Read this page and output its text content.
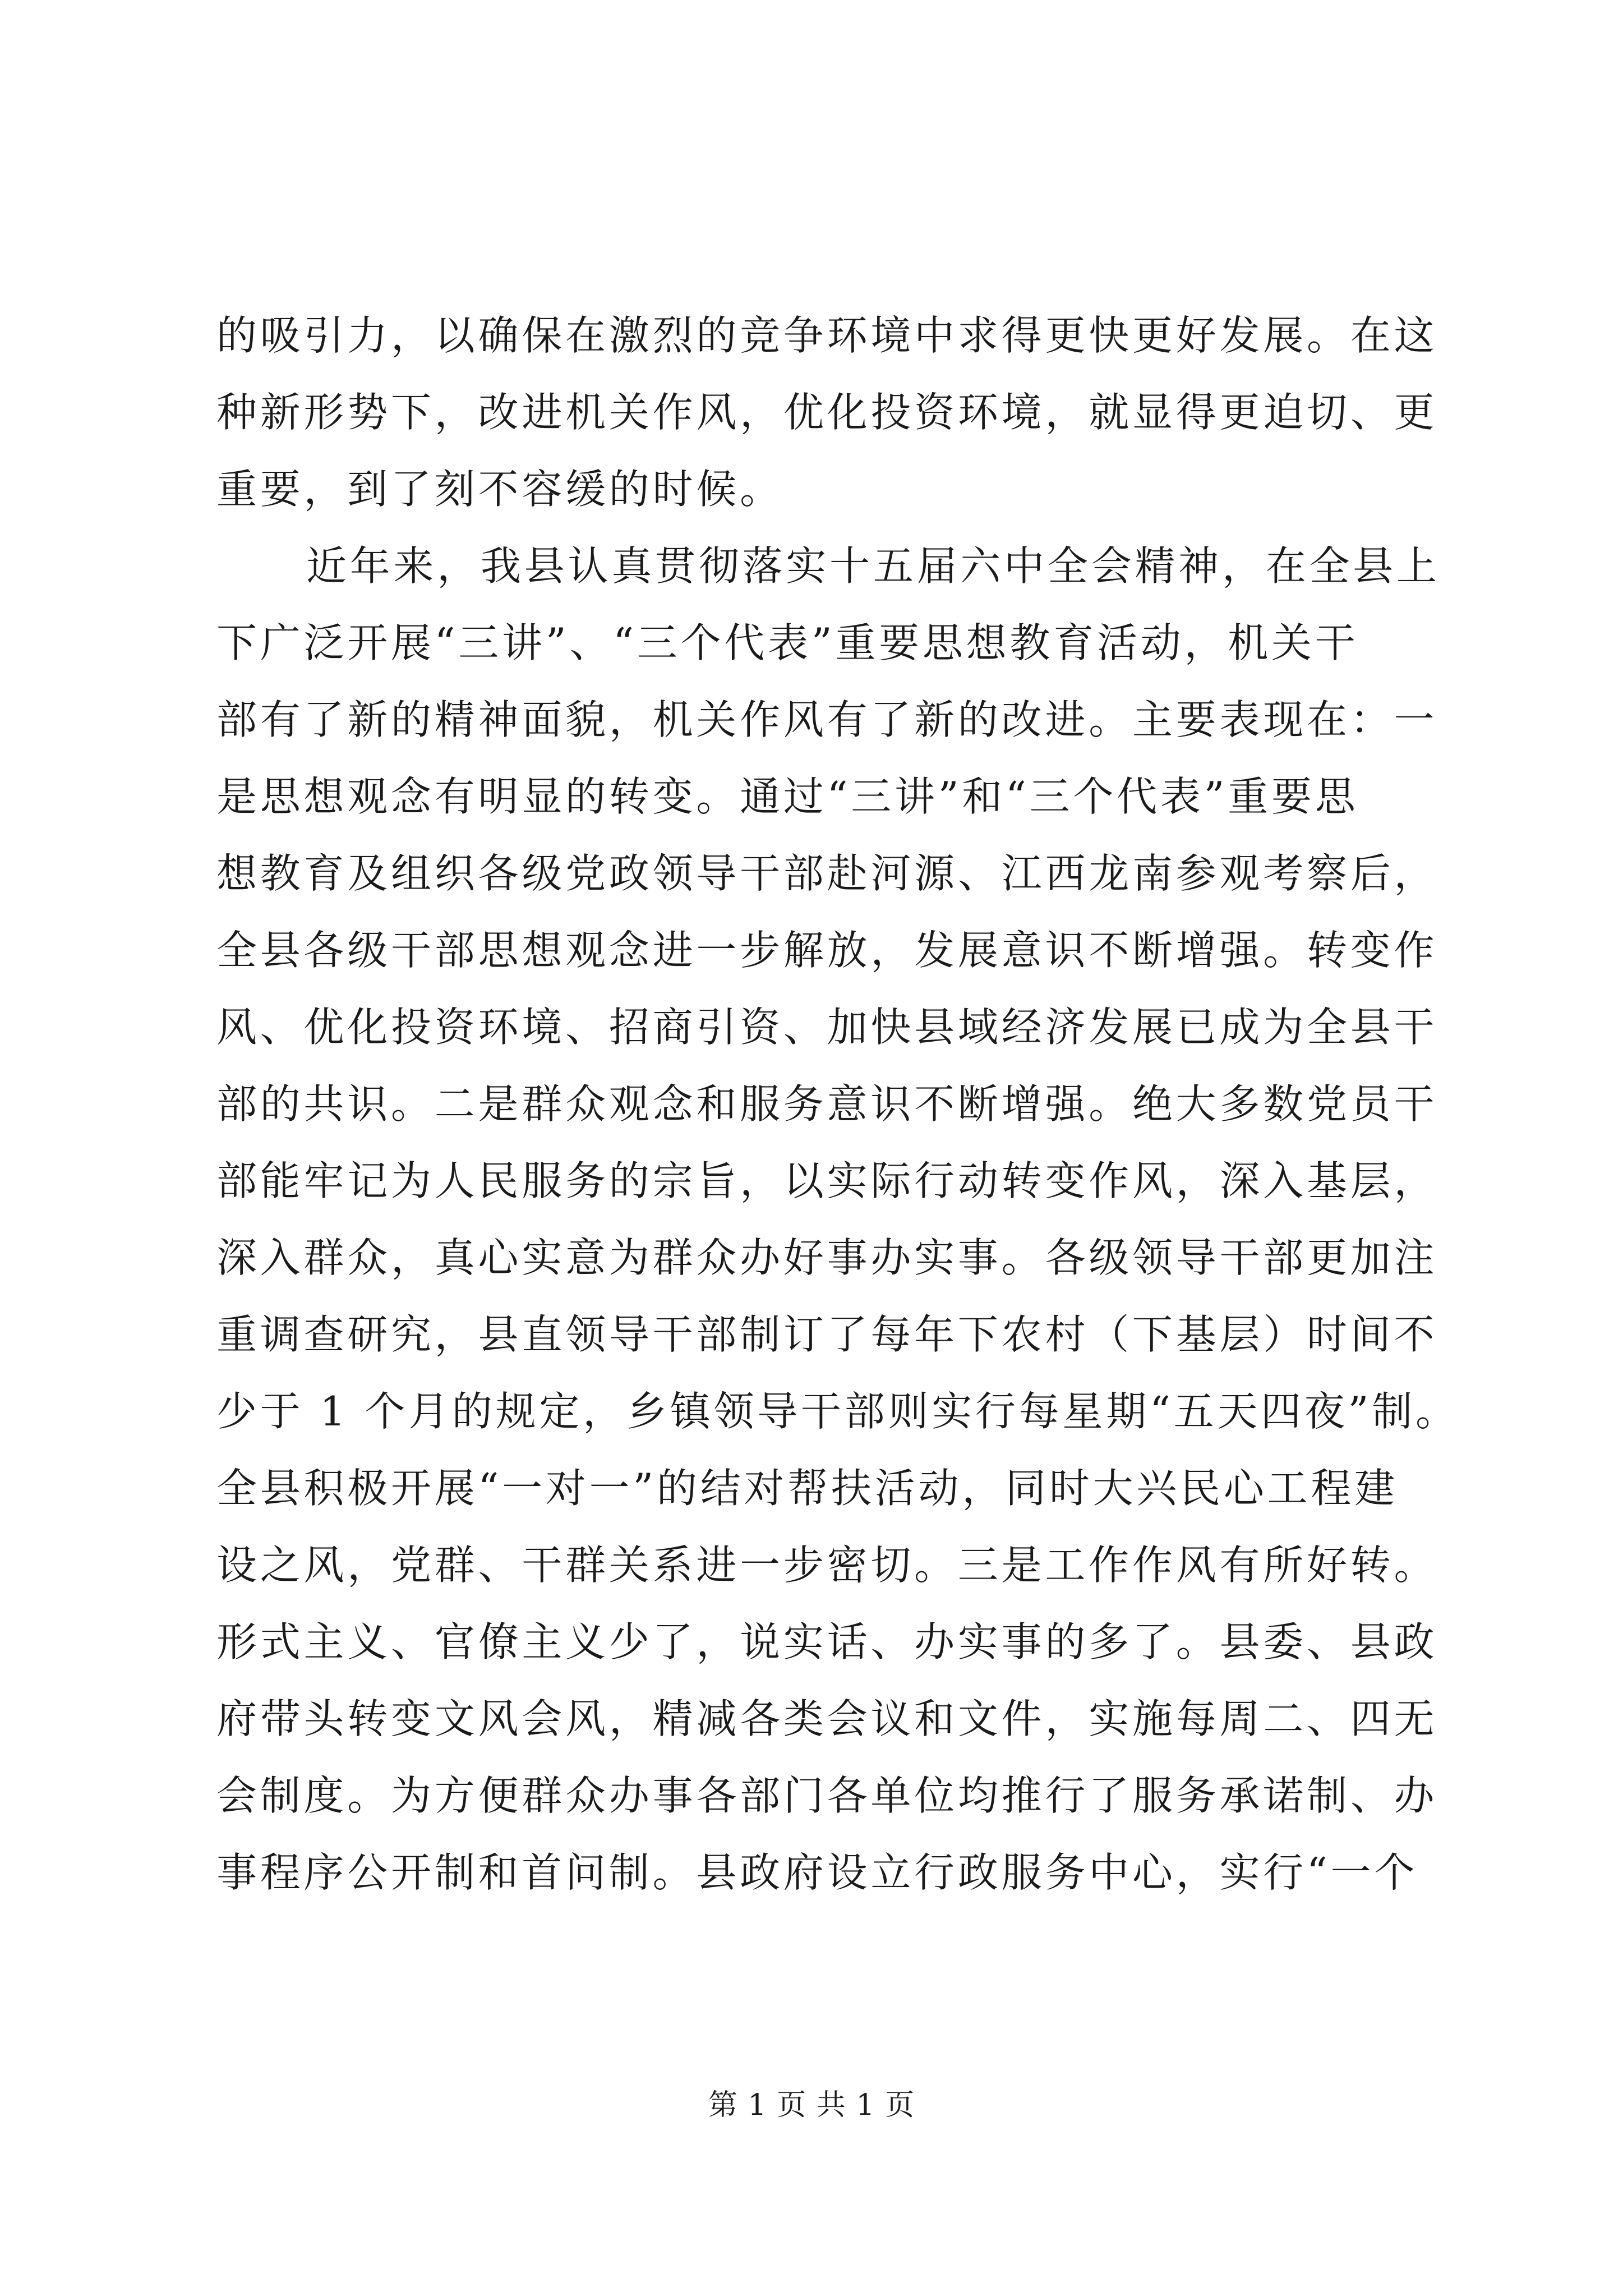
的吸引力，以确保在激烈的竞争环境中求得更快更好发展。在这
种新形势下，改进机关作风，优化投资环境，就显得更迫切、更
重要，到了刻不容缓的时候。
近年来，我县认真贯彻落实十五届六中全会精神，在全县上
下广泛开展“三讲”、“三个代表”重要思想教育活动，机关干
部有了新的精神面貌，机关作风有了新的改进。主要表现在：一
是思想观念有明显的转变。通过“三讲”和“三个代表”重要思
想教育及组织各级党政领导干部赴河源、江西龙南参观考察后，
全县各级干部思想观念进一步解放，发展意识不断增强。转变作
风、优化投资环境、招商引资、加快县域经济发展已成为全县干
部的共识。二是群众观念和服务意识不断增强。绝大多数党员干
部能牢记为人民服务的宗旨，以实际行动转变作风，深入基层，
深入群众，真心实意为群众办好事办实事。各级领导干部更加注
重调查研究，县直领导干部制订了每年下农村（下基层）时间不
少于 1 个月的规定，乡镇领导干部则实行每星期“五天四夜”制。
全县积极开展“一对一”的结对帮扶活动，同时大兴民心工程建
设之风，党群、干群关系进一步密切。三是工作作风有所好转。
形式主义、官僚主义少了，说实话、办实事的多了。县委、县政
府带头转变文风会风，精减各类会议和文件，实施每周二、四无
会制度。为方便群众办事各部门各单位均推行了服务承诺制、办
事程序公开制和首问制。县政府设立行政服务中心，实行“一个
第 1 页 共 1 页
